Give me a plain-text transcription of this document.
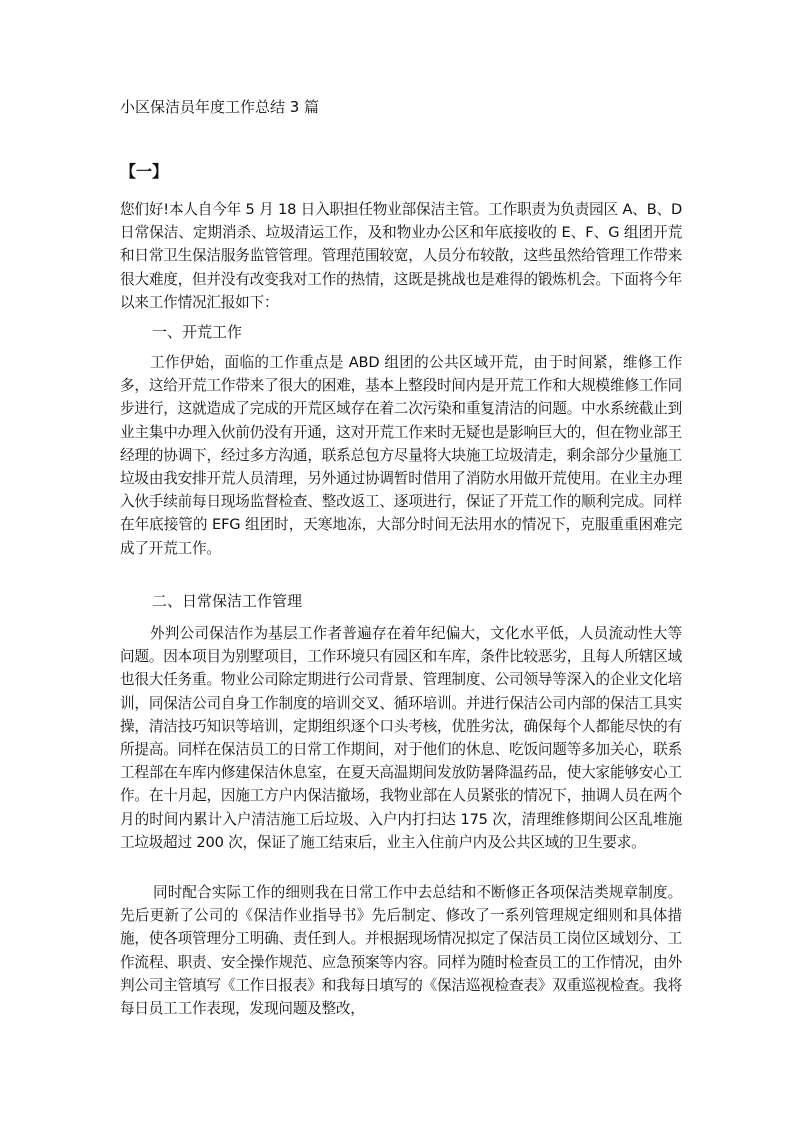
小区保洁员年度工作总结 3 篇
【一】

您们好!本人自今年 5 月 18 日入职担任物业部保洁主管。工作职责为负责园区 A、B、D 日常保洁、定期消杀、垃圾清运工作，及和物业办公区和年底接收的 E、F、G 组团开荒和日常卫生保洁服务监管管理。管理范围较宽，人员分布较散，这些虽然给管理工作带来很大难度，但并没有改变我对工作的热情，这既是挑战也是难得的锻炼机会。下面将今年以来工作情况汇报如下：

一、开荒工作

工作伊始，面临的工作重点是 ABD 组团的公共区域开荒，由于时间紧，维修工作多，这给开荒工作带来了很大的困难，基本上整段时间内是开荒工作和大规模维修工作同步进行，这就造成了完成的开荒区域存在着二次污染和重复清洁的问题。中水系统截止到业主集中办理入伙前仍没有开通，这对开荒工作来时无疑也是影响巨大的，但在物业部王经理的协调下，经过多方沟通，联系总包方尽量将大块施工垃圾清走，剩余部分少量施工垃圾由我安排开荒人员清理，另外通过协调暂时借用了消防水用做开荒使用。在业主办理入伙手续前每日现场监督检查、整改返工、逐项进行，保证了开荒工作的顺利完成。同样在年底接管的 EFG 组团时，天寒地冻，大部分时间无法用水的情况下，克服重重困难完成了开荒工作。

二、日常保洁工作管理

外判公司保洁作为基层工作者普遍存在着年纪偏大，文化水平低，人员流动性大等问题。因本项目为别墅项目，工作环境只有园区和车库，条件比较恶劣，且每人所辖区域也很大任务重。物业公司除定期进行公司背景、管理制度、公司领导等深入的企业文化培训，同保洁公司自身工作制度的培训交叉、循环培训。并进行保洁公司内部的保洁工具实操，清洁技巧知识等培训，定期组织逐个口头考核，优胜劣汰，确保每个人都能尽快的有所提高。同样在保洁员工的日常工作期间，对于他们的休息、吃饭问题等多加关心，联系工程部在车库内修建保洁休息室，在夏天高温期间发放防暑降温药品，使大家能够安心工作。在十月起，因施工方户内保洁撤场，我物业部在人员紧张的情况下，抽调人员在两个月的时间内累计入户清洁施工后垃圾、入户内打扫达 175 次，清理维修期间公区乱堆施工垃圾超过 200 次，保证了施工结束后，业主入住前户内及公共区域的卫生要求。

同时配合实际工作的细则我在日常工作中去总结和不断修正各项保洁类规章制度。先后更新了公司的《保洁作业指导书》先后制定、修改了一系列管理规定细则和具体措施，使各项管理分工明确、责任到人。并根据现场情况拟定了保洁员工岗位区域划分、工作流程、职责、安全操作规范、应急预案等内容。同样为随时检查员工的工作情况，由外判公司主管填写《工作日报表》和我每日填写的《保洁巡视检查表》双重巡视检查。我将每日员工工作表现，发现问题及整改，
